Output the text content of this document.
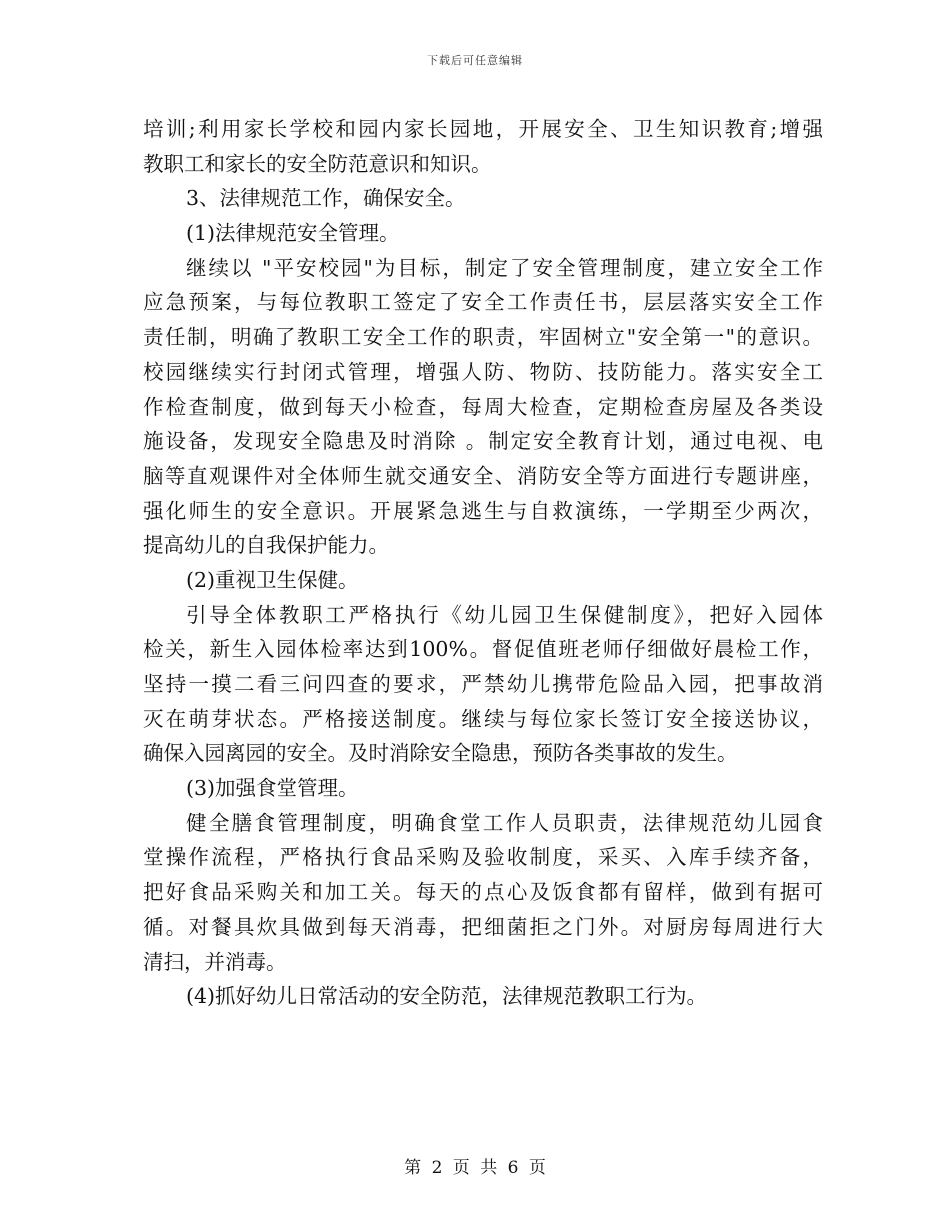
下载后可任意编辑
培训;利用家长学校和园内家长园地，开展安全、卫生知识教育;增强
教职工和家长的安全防范意识和知识。
3、法律规范工作，确保安全。
(1)法律规范安全管理。
继续以 "平安校园"为目标，制定了安全管理制度，建立安全工作
应急预案，与每位教职工签定了安全工作责任书，层层落实安全工作
责任制，明确了教职工安全工作的职责，牢固树立"安全第一"的意识。
校园继续实行封闭式管理，增强人防、物防、技防能力。落实安全工
作检查制度，做到每天小检查，每周大检查，定期检查房屋及各类设
施设备，发现安全隐患及时消除 。制定安全教育计划，通过电视、电
脑等直观课件对全体师生就交通安全、消防安全等方面进行专题讲座，
强化师生的安全意识。开展紧急逃生与自救演练，一学期至少两次，
提高幼儿的自我保护能力。
(2)重视卫生保健。
引导全体教职工严格执行《幼儿园卫生保健制度》，把好入园体
检关，新生入园体检率达到100%。督促值班老师仔细做好晨检工作，
坚持一摸二看三问四查的要求，严禁幼儿携带危险品入园，把事故消
灭在萌芽状态。严格接送制度。继续与每位家长签订安全接送协议，
确保入园离园的安全。及时消除安全隐患，预防各类事故的发生。
(3)加强食堂管理。
健全膳食管理制度，明确食堂工作人员职责，法律规范幼儿园食
堂操作流程，严格执行食品采购及验收制度，采买、入库手续齐备，
把好食品采购关和加工关。每天的点心及饭食都有留样，做到有据可
循。对餐具炊具做到每天消毒，把细菌拒之门外。对厨房每周进行大
清扫，并消毒。
(4)抓好幼儿日常活动的安全防范，法律规范教职工行为。
第 2 页 共 6 页
